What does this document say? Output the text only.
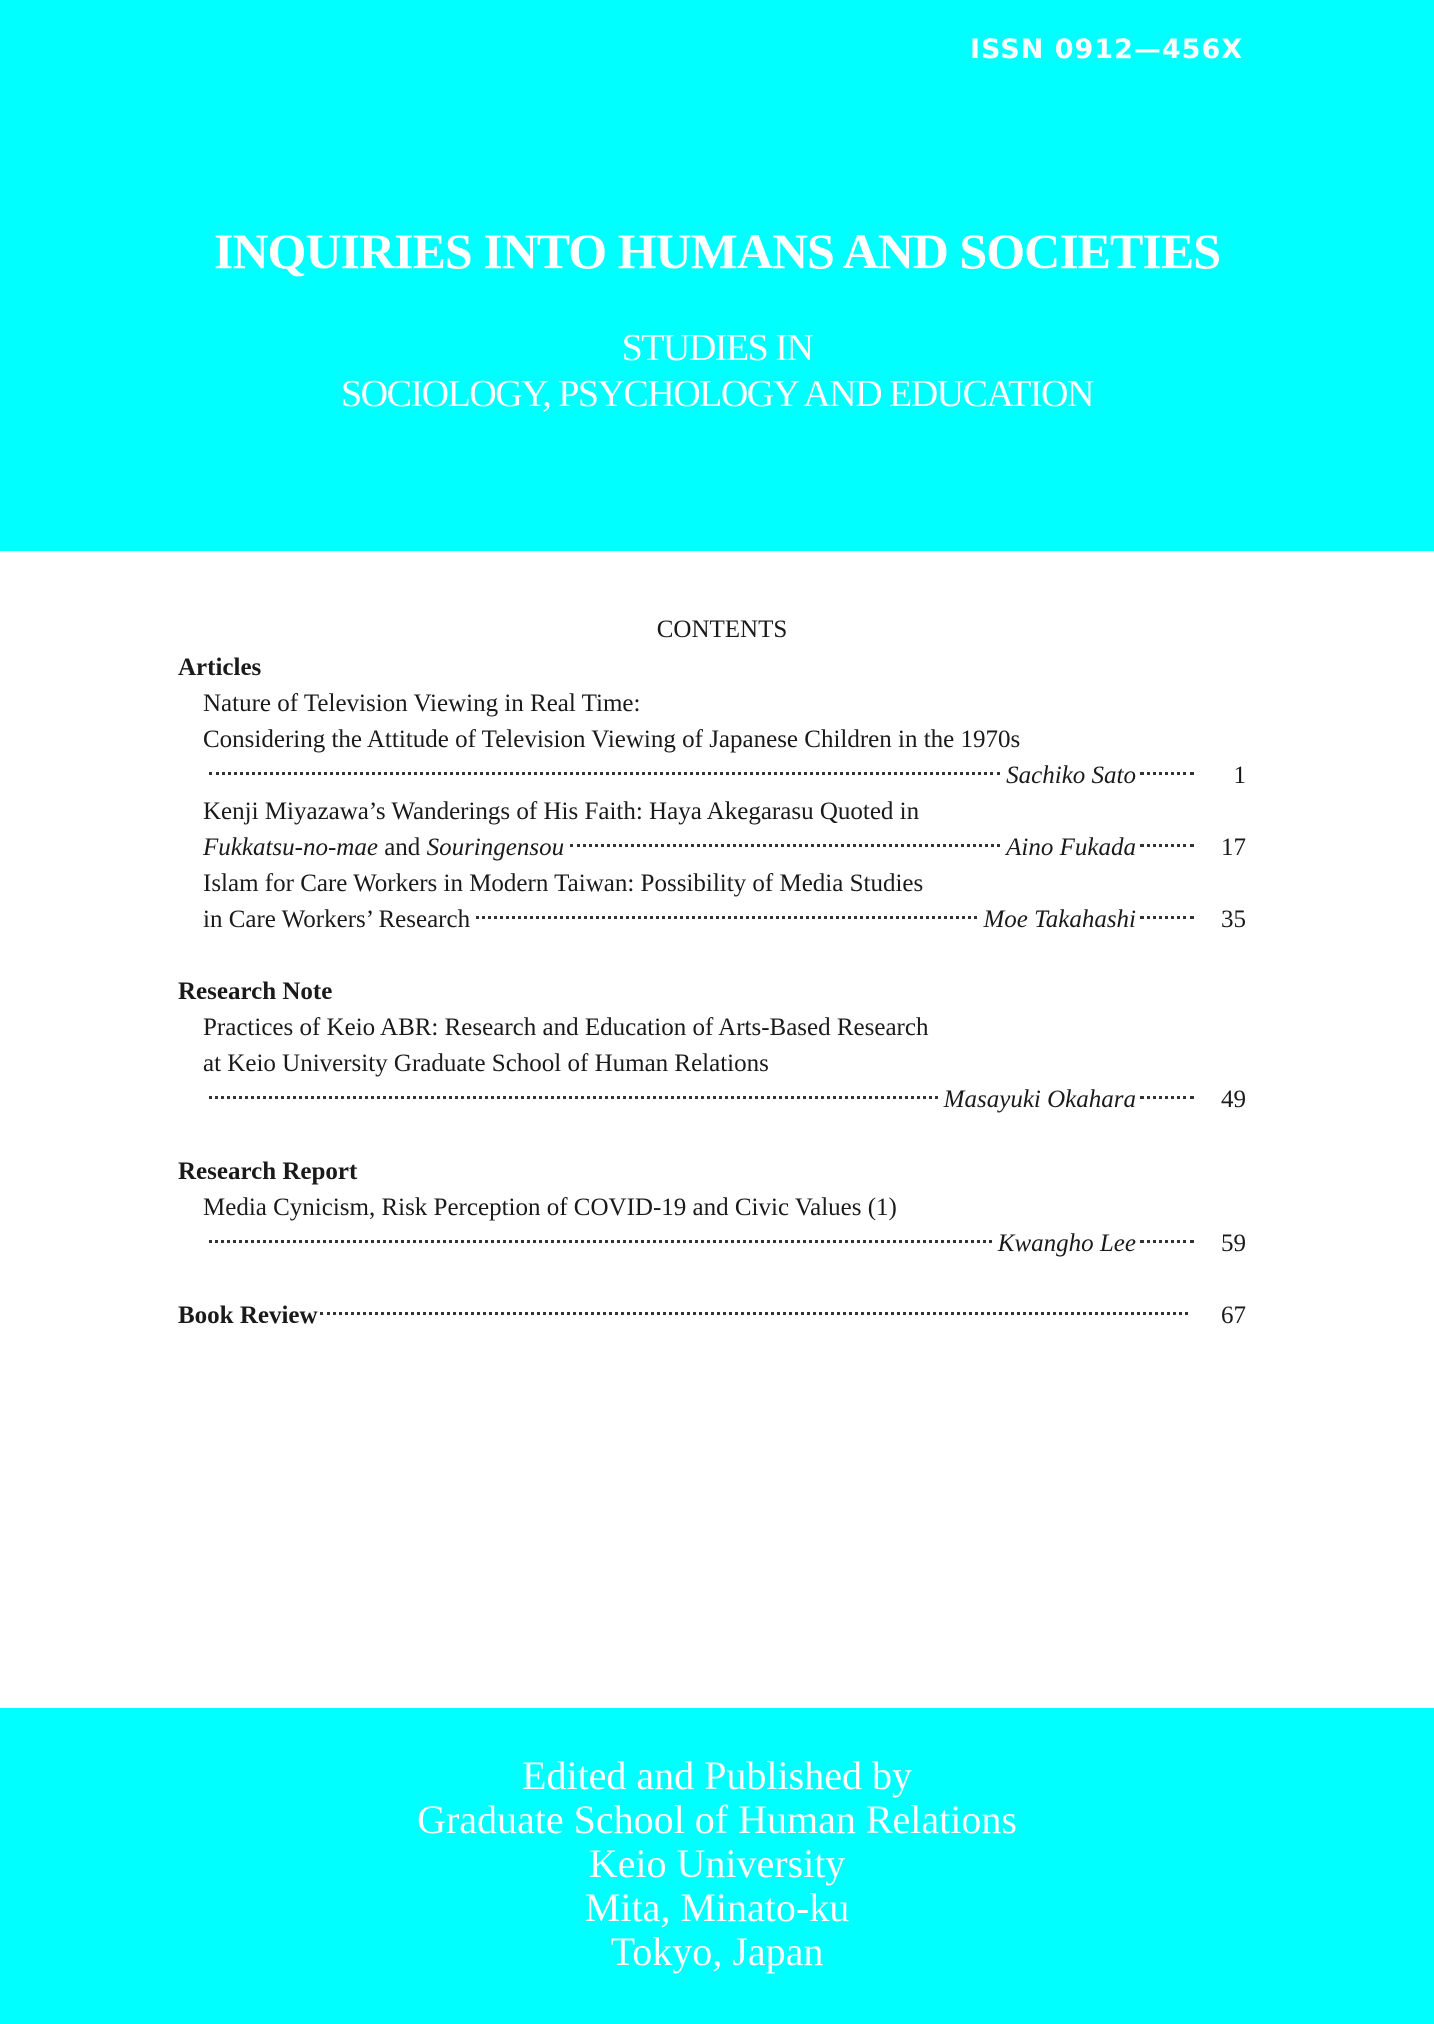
ISSN 0912—456X
INQUIRIES INTO HUMANS AND SOCIETIES
STUDIES IN
SOCIOLOGY, PSYCHOLOGY AND EDUCATION
CONTENTS
Articles
Nature of Television Viewing in Real Time:
Considering the Attitude of Television Viewing of Japanese Children in the 1970s
Sachiko Sato	1
Kenji Miyazawa’s Wanderings of His Faith: Haya Akegarasu Quoted in
Fukkatsu-no-mae and Souringensou	Aino Fukada	17
Islam for Care Workers in Modern Taiwan: Possibility of Media Studies
in Care Workers’ Research	Moe Takahashi	35
Research Note
Practices of Keio ABR: Research and Education of Arts-Based Research
at Keio University Graduate School of Human Relations
Masayuki Okahara	49
Research Report
Media Cynicism, Risk Perception of COVID-19 and Civic Values (1)
Kwangho Lee	59
Book Review	67
Edited and Published by
Graduate School of Human Relations
Keio University
Mita, Minato-ku
Tokyo, Japan
